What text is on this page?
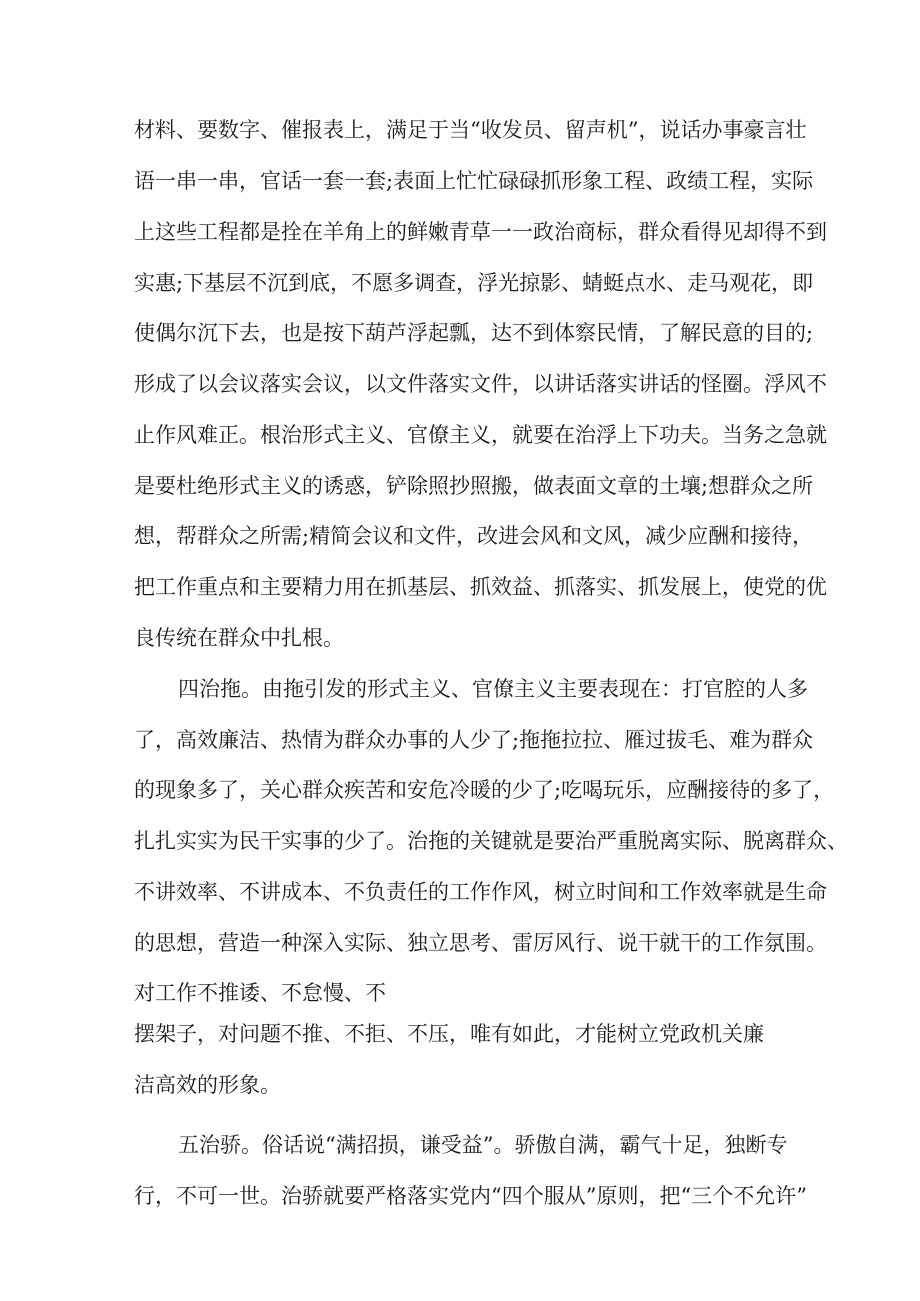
材料、要数字、催报表上，满足于当“收发员、留声机”，说话办事豪言壮
语一串一串，官话一套一套;表面上忙忙碌碌抓形象工程、政绩工程，实际
上这些工程都是拴在羊角上的鲜嫩青草一一政治商标，群众看得见却得不到
实惠;下基层不沉到底，不愿多调查，浮光掠影、蜻蜓点水、走马观花，即
使偶尔沉下去，也是按下葫芦浮起瓢，达不到体察民情，了解民意的目的;
形成了以会议落实会议，以文件落实文件，以讲话落实讲话的怪圈。浮风不
止作风难正。根治形式主义、官僚主义，就要在治浮上下功夫。当务之急就
是要杜绝形式主义的诱惑，铲除照抄照搬，做表面文章的土壤;想群众之所
想，帮群众之所需;精简会议和文件，改进会风和文风，减少应酬和接待，
把工作重点和主要精力用在抓基层、抓效益、抓落实、抓发展上，使党的优
良传统在群众中扎根。
四治拖。由拖引发的形式主义、官僚主义主要表现在：打官腔的人多
了，高效廉洁、热情为群众办事的人少了;拖拖拉拉、雁过拔毛、难为群众
的现象多了，关心群众疾苦和安危冷暖的少了;吃喝玩乐，应酬接待的多了，
扎扎实实为民干实事的少了。治拖的关键就是要治严重脱离实际、脱离群众、
不讲效率、不讲成本、不负责任的工作作风，树立时间和工作效率就是生命
的思想，营造一种深入实际、独立思考、雷厉风行、说干就干的工作氛围。
对工作不推诿、不怠慢、不
摆架子，对问题不推、不拒、不压，唯有如此，才能树立党政机关廉
洁高效的形象。
五治骄。俗话说“满招损，谦受益”。骄傲自满，霸气十足，独断专
行，不可一世。治骄就要严格落实党内“四个服从”原则，把“三个不允许”
